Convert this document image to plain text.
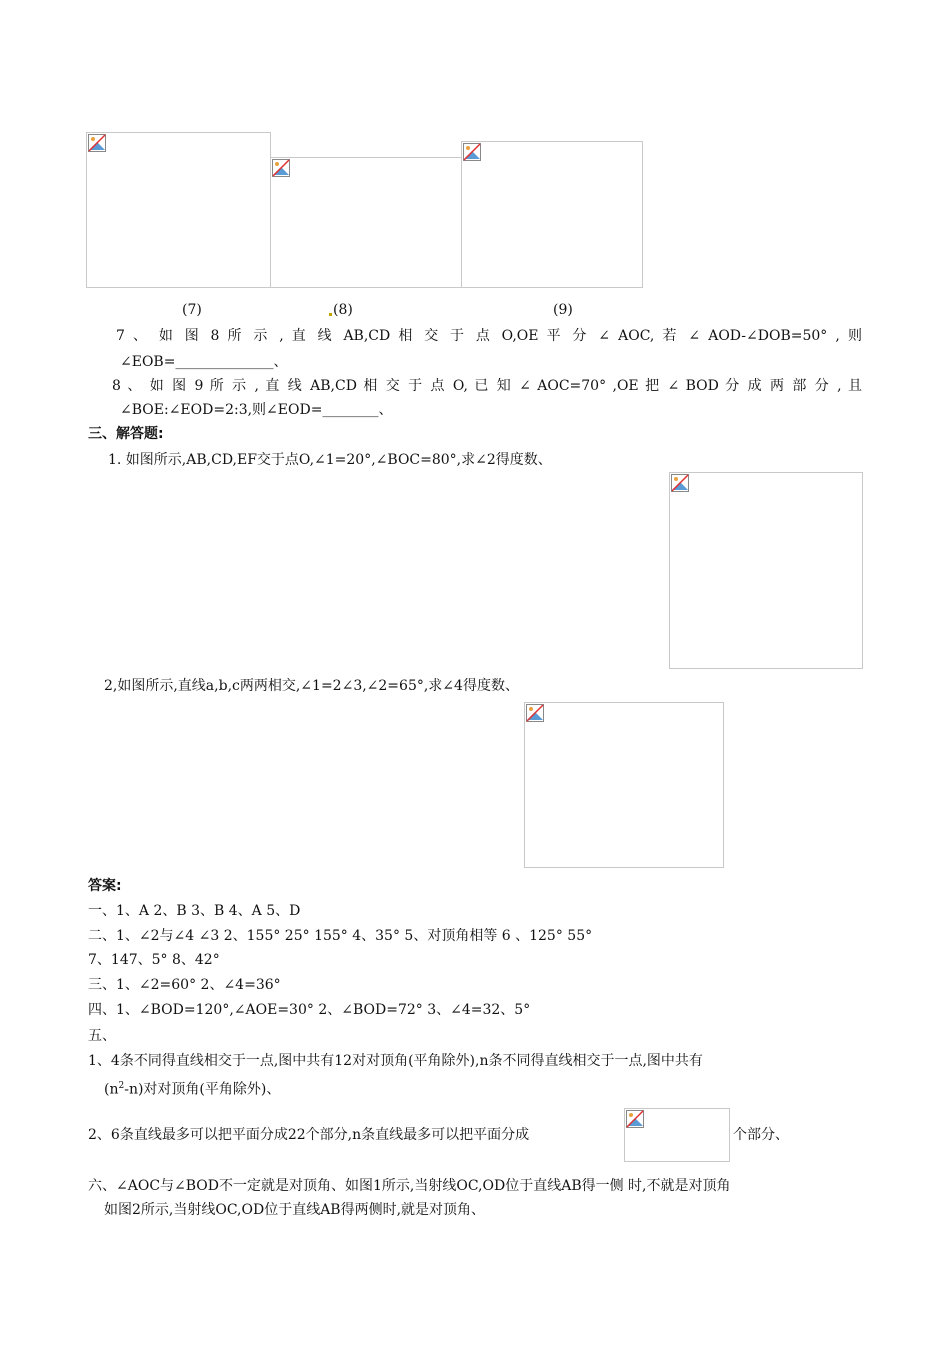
(7)	(8)	(9)
7 、 如 图 8 所 示 , 直 线 AB,CD 相 交 于 点 O,OE 平 分 ∠ AOC, 若 ∠ AOD-∠DOB=50° , 则
∠EOB=______________、
8 、 如 图 9 所 示 , 直 线 AB,CD 相 交 于 点 O, 已 知 ∠ AOC=70° ,OE 把 ∠ BOD 分 成 两 部 分 , 且
∠BOE:∠EOD=2:3,则∠EOD=________、
三、解答题:
1. 如图所示,AB,CD,EF交于点O,∠1=20°,∠BOC=80°,求∠2得度数、
2,如图所示,直线a,b,c两两相交,∠1=2∠3,∠2=65°,求∠4得度数、
答案:
一、1、A 2、B 3、B 4、A 5、D
二、1、∠2与∠4 ∠3 2、155° 25° 155° 4、35° 5、对顶角相等 6 、125° 55°
7、147、5° 8、42°
三、1、∠2=60° 2、∠4=36°
四、1、∠BOD=120°,∠AOE=30° 2、∠BOD=72° 3、∠4=32、5°
五、
1、4条不同得直线相交于一点,图中共有12对对顶角(平角除外),n条不同得直线相交于一点,图中共有
$(n^2-n)$对对顶角(平角除外)、
2、6条直线最多可以把平面分成22个部分,n条直线最多可以把平面分成	个部分、
六、∠AOC与∠BOD不一定就是对顶角、如图1所示,当射线OC,OD位于直线AB得一侧 时,不就是对顶角
如图2所示,当射线OC,OD位于直线AB得两侧时,就是对顶角、
